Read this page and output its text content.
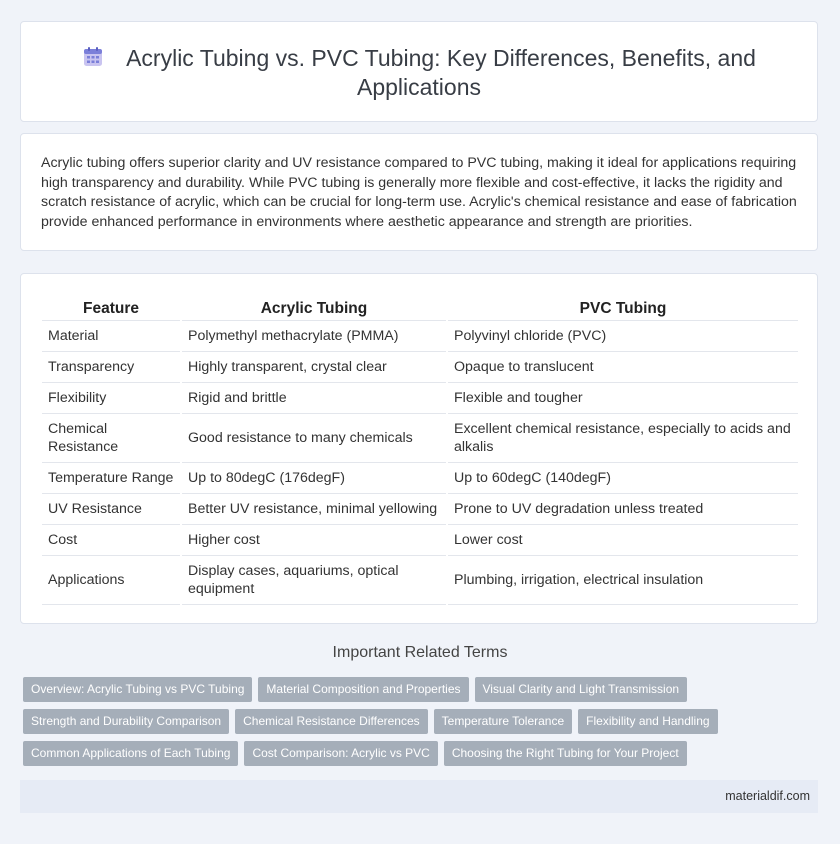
Acrylic Tubing vs. PVC Tubing: Key Differences, Benefits, and Applications

Acrylic tubing offers superior clarity and UV resistance compared to PVC tubing, making it ideal for applications requiring high transparency and durability. While PVC tubing is generally more flexible and cost-effective, it lacks the rigidity and scratch resistance of acrylic, which can be crucial for long-term use. Acrylic's chemical resistance and ease of fabrication provide enhanced performance in environments where aesthetic appearance and strength are priorities.

Feature	Acrylic Tubing	PVC Tubing
Material	Polymethyl methacrylate (PMMA)	Polyvinyl chloride (PVC)
Transparency	Highly transparent, crystal clear	Opaque to translucent
Flexibility	Rigid and brittle	Flexible and tougher
Chemical Resistance	Good resistance to many chemicals	Excellent chemical resistance, especially to acids and alkalis
Temperature Range	Up to 80degC (176degF)	Up to 60degC (140degF)
UV Resistance	Better UV resistance, minimal yellowing	Prone to UV degradation unless treated
Cost	Higher cost	Lower cost
Applications	Display cases, aquariums, optical equipment	Plumbing, irrigation, electrical insulation
Important Related Terms
Overview: Acrylic Tubing vs PVC Tubing Material Composition and Properties Visual Clarity and Light Transmission
Strength and Durability Comparison Chemical Resistance Differences Temperature Tolerance Flexibility and Handling
Common Applications of Each Tubing Cost Comparison: Acrylic vs PVC Choosing the Right Tubing for Your Project
materialdif.com
